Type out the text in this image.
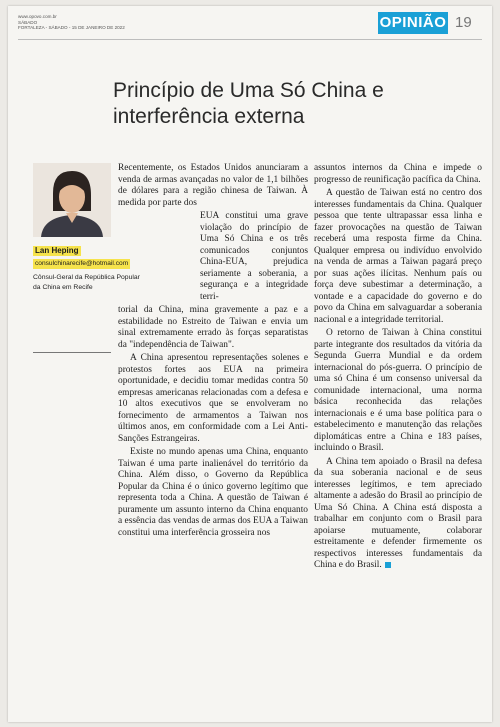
www.opovo.com.br
SÁBADO
FORTALEZA - SÁBADO - 15 DE JANEIRO DE 2022	OPINIÃO 19
Princípio de Uma Só China e interferência externa
Lan Heping
consulchinarecife@hotmail.com
Cônsul-Geral da República Popular da China em Recife

Recentemente, os Estados Unidos anunciaram a venda de armas avançadas no valor de 1,1 bilhões de dólares para a região chinesa de Taiwan. À medida por parte dos

EUA constitui uma grave violação do princípio de Uma Só China e os três comunicados conjuntos China-EUA, prejudica seriamente a soberania, a segurança e a integridade terri-

torial da China, mina gravemente a paz e a estabilidade no Estreito de Taiwan e envia um sinal extremamente errado às forças separatistas da "independência de Taiwan".

A China apresentou representações solenes e protestos fortes aos EUA na primeira oportunidade, e decidiu tomar medidas contra 50 empresas americanas relacionadas com a defesa e 10 altos executivos que se envolveram no fornecimento de armamentos a Taiwan nos últimos anos, em conformidade com a Lei Anti-Sanções Estrangeiras.

Existe no mundo apenas uma China, enquanto Taiwan é uma parte inalienável do território da China. Além disso, o Governo da República Popular da China é o único governo legítimo que representa toda a China. A questão de Taiwan é puramente um assunto interno da China enquanto a essência das vendas de armas dos EUA a Taiwan constitui uma interferência grosseira nos

assuntos internos da China e impede o progresso de reunificação pacífica da China.

A questão de Taiwan está no centro dos interesses fundamentais da China. Qualquer pessoa que tente ultrapassar essa linha e fazer provocações na questão de Taiwan receberá uma resposta firme da China. Qualquer empresa ou indivíduo envolvido na venda de armas a Taiwan pagará preço por suas ações ilícitas. Nenhum país ou força deve subestimar a determinação, a vontade e a capacidade do governo e do povo da China em salvaguardar a soberania nacional e a integridade territorial.

O retorno de Taiwan à China constitui parte integrante dos resultados da vitória da Segunda Guerra Mundial e da ordem internacional do pós-guerra. O princípio de uma só China é um consenso universal da comunidade internacional, uma norma básica reconhecida das relações internacionais e é uma base política para o estabelecimento e manutenção das relações diplomáticas entre a China e 183 países, incluindo o Brasil.

A China tem apoiado o Brasil na defesa da sua soberania nacional e de seus interesses legítimos, e tem apreciado altamente a adesão do Brasil ao princípio de Uma Só China. A China está disposta a trabalhar em conjunto com o Brasil para apoiarse mutuamente, colaborar estreitamente e defender firmemente os respectivos interesses fundamentais da China e do Brasil.
